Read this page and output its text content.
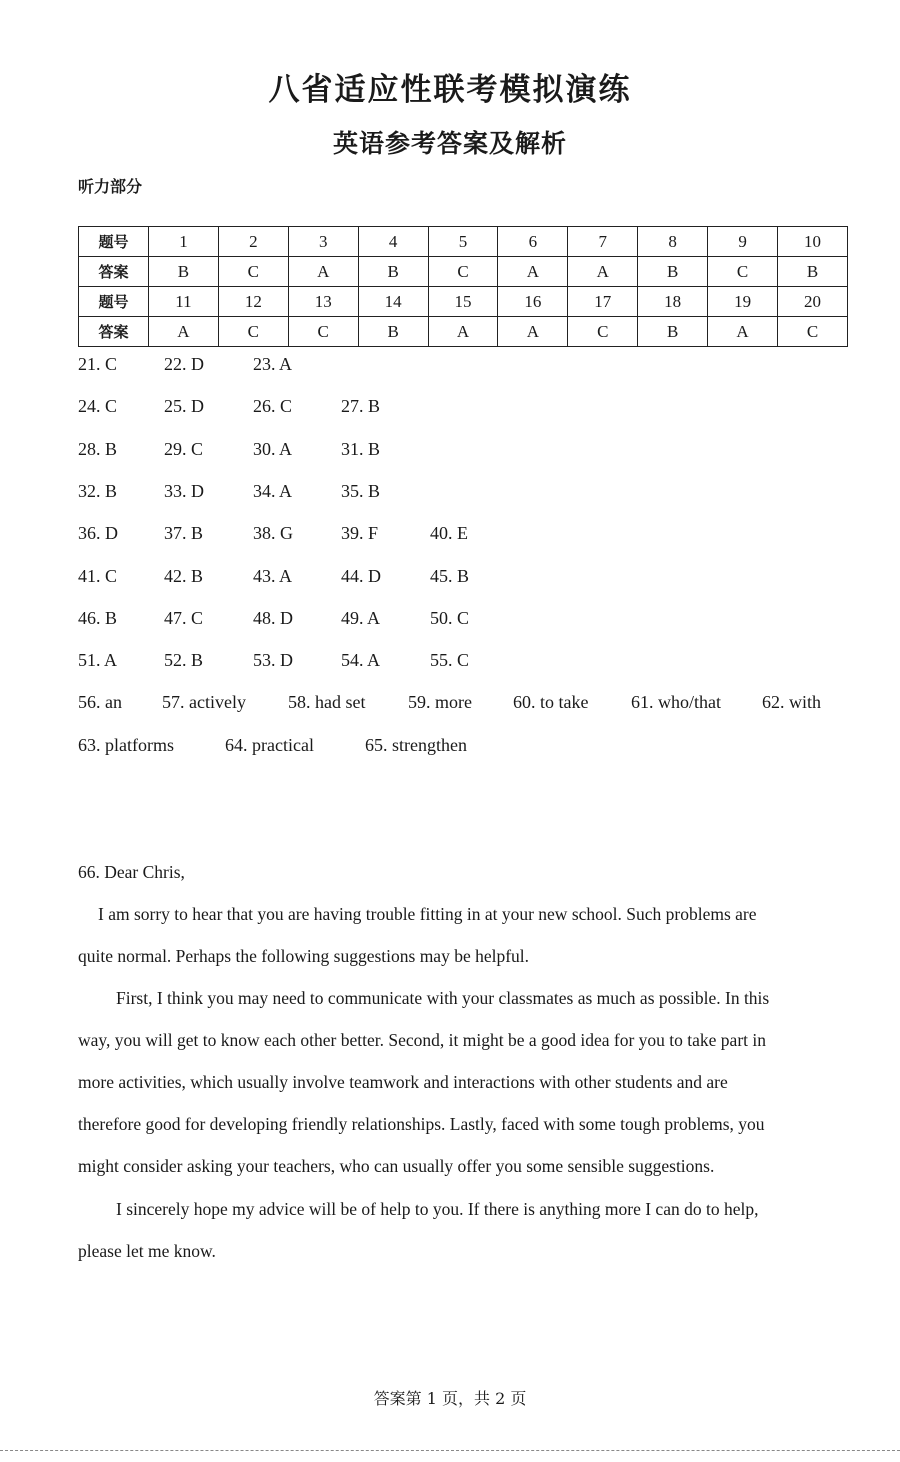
八省适应性联考模拟演练
英语参考答案及解析
听力部分
题号	1	2	3	4	5	6	7	8	9	10
答案	B	C	A	B	C	A	A	B	C	B
题号	11	12	13	14	15	16	17	18	19	20
答案	A	C	C	B	A	A	C	B	A	C
21. C	22. D	23. A
24. C	25. D	26. C	27. B
28. B	29. C	30. A	31. B
32. B	33. D	34. A	35. B
36. D	37. B	38. G	39. F	40. E
41. C	42. B	43. A	44. D	45. B
46. B	47. C	48. D	49. A	50. C
51. A	52. B	53. D	54. A	55. C
56. an 57. actively 58. had set 59. more 60. to take 61. who/that 62. with
63. platforms	64. practical	65. strengthen

66. Dear Chris,

I am sorry to hear that you are having trouble fitting in at your new school. Such problems are

quite normal. Perhaps the following suggestions may be helpful.

First, I think you may need to communicate with your classmates as much as possible. In this

way, you will get to know each other better. Second, it might be a good idea for you to take part in

more activities, which usually involve teamwork and interactions with other students and are

therefore good for developing friendly relationships. Lastly, faced with some tough problems, you

might consider asking your teachers, who can usually offer you some sensible suggestions.

I sincerely hope my advice will be of help to you. If there is anything more I can do to help,

please let me know.

答案第 1 页，共 2 页
